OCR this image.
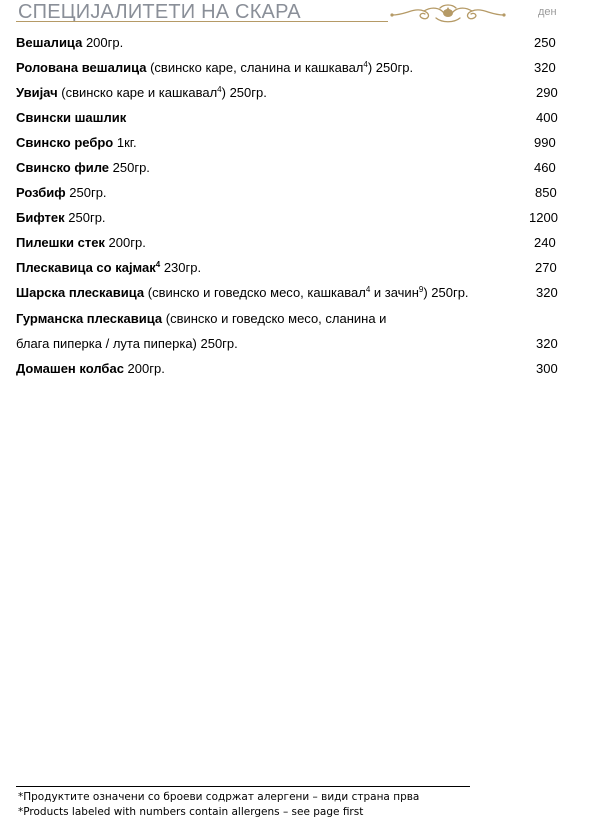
СПЕЦИЈАЛИТЕТИ НА СКАРА	ден
Вешалица 200гр.	250
Ролована вешалица (свинско каре, сланина и кашкавал$^4$) 250гр.	320
Увијач (свинско каре и кашкавал$^4$) 250гр.	290
Свински шашлик	400
Свинско ребро 1кг.	990
Свинско филе 250гр.	460
Розбиф 250гр.	850
Бифтек 250гр.	1200
Пилешки стек 200гр.	240
Плескавица со кајмак$^4$ 230гр.	270
Шарска плескавица (свинско и говедско месо, кашкавал$^4$ и зачин$^9$) 250гр.	320
Гурманска плескавица (свинско и говедско месо, сланина и
блага пиперка / лута пиперка) 250гр.	320
Домашен колбас 200гр.	300
*Продуктите означени со броеви содржат алергени – види страна прва
*Products labeled with numbers contain allergens – see page first
